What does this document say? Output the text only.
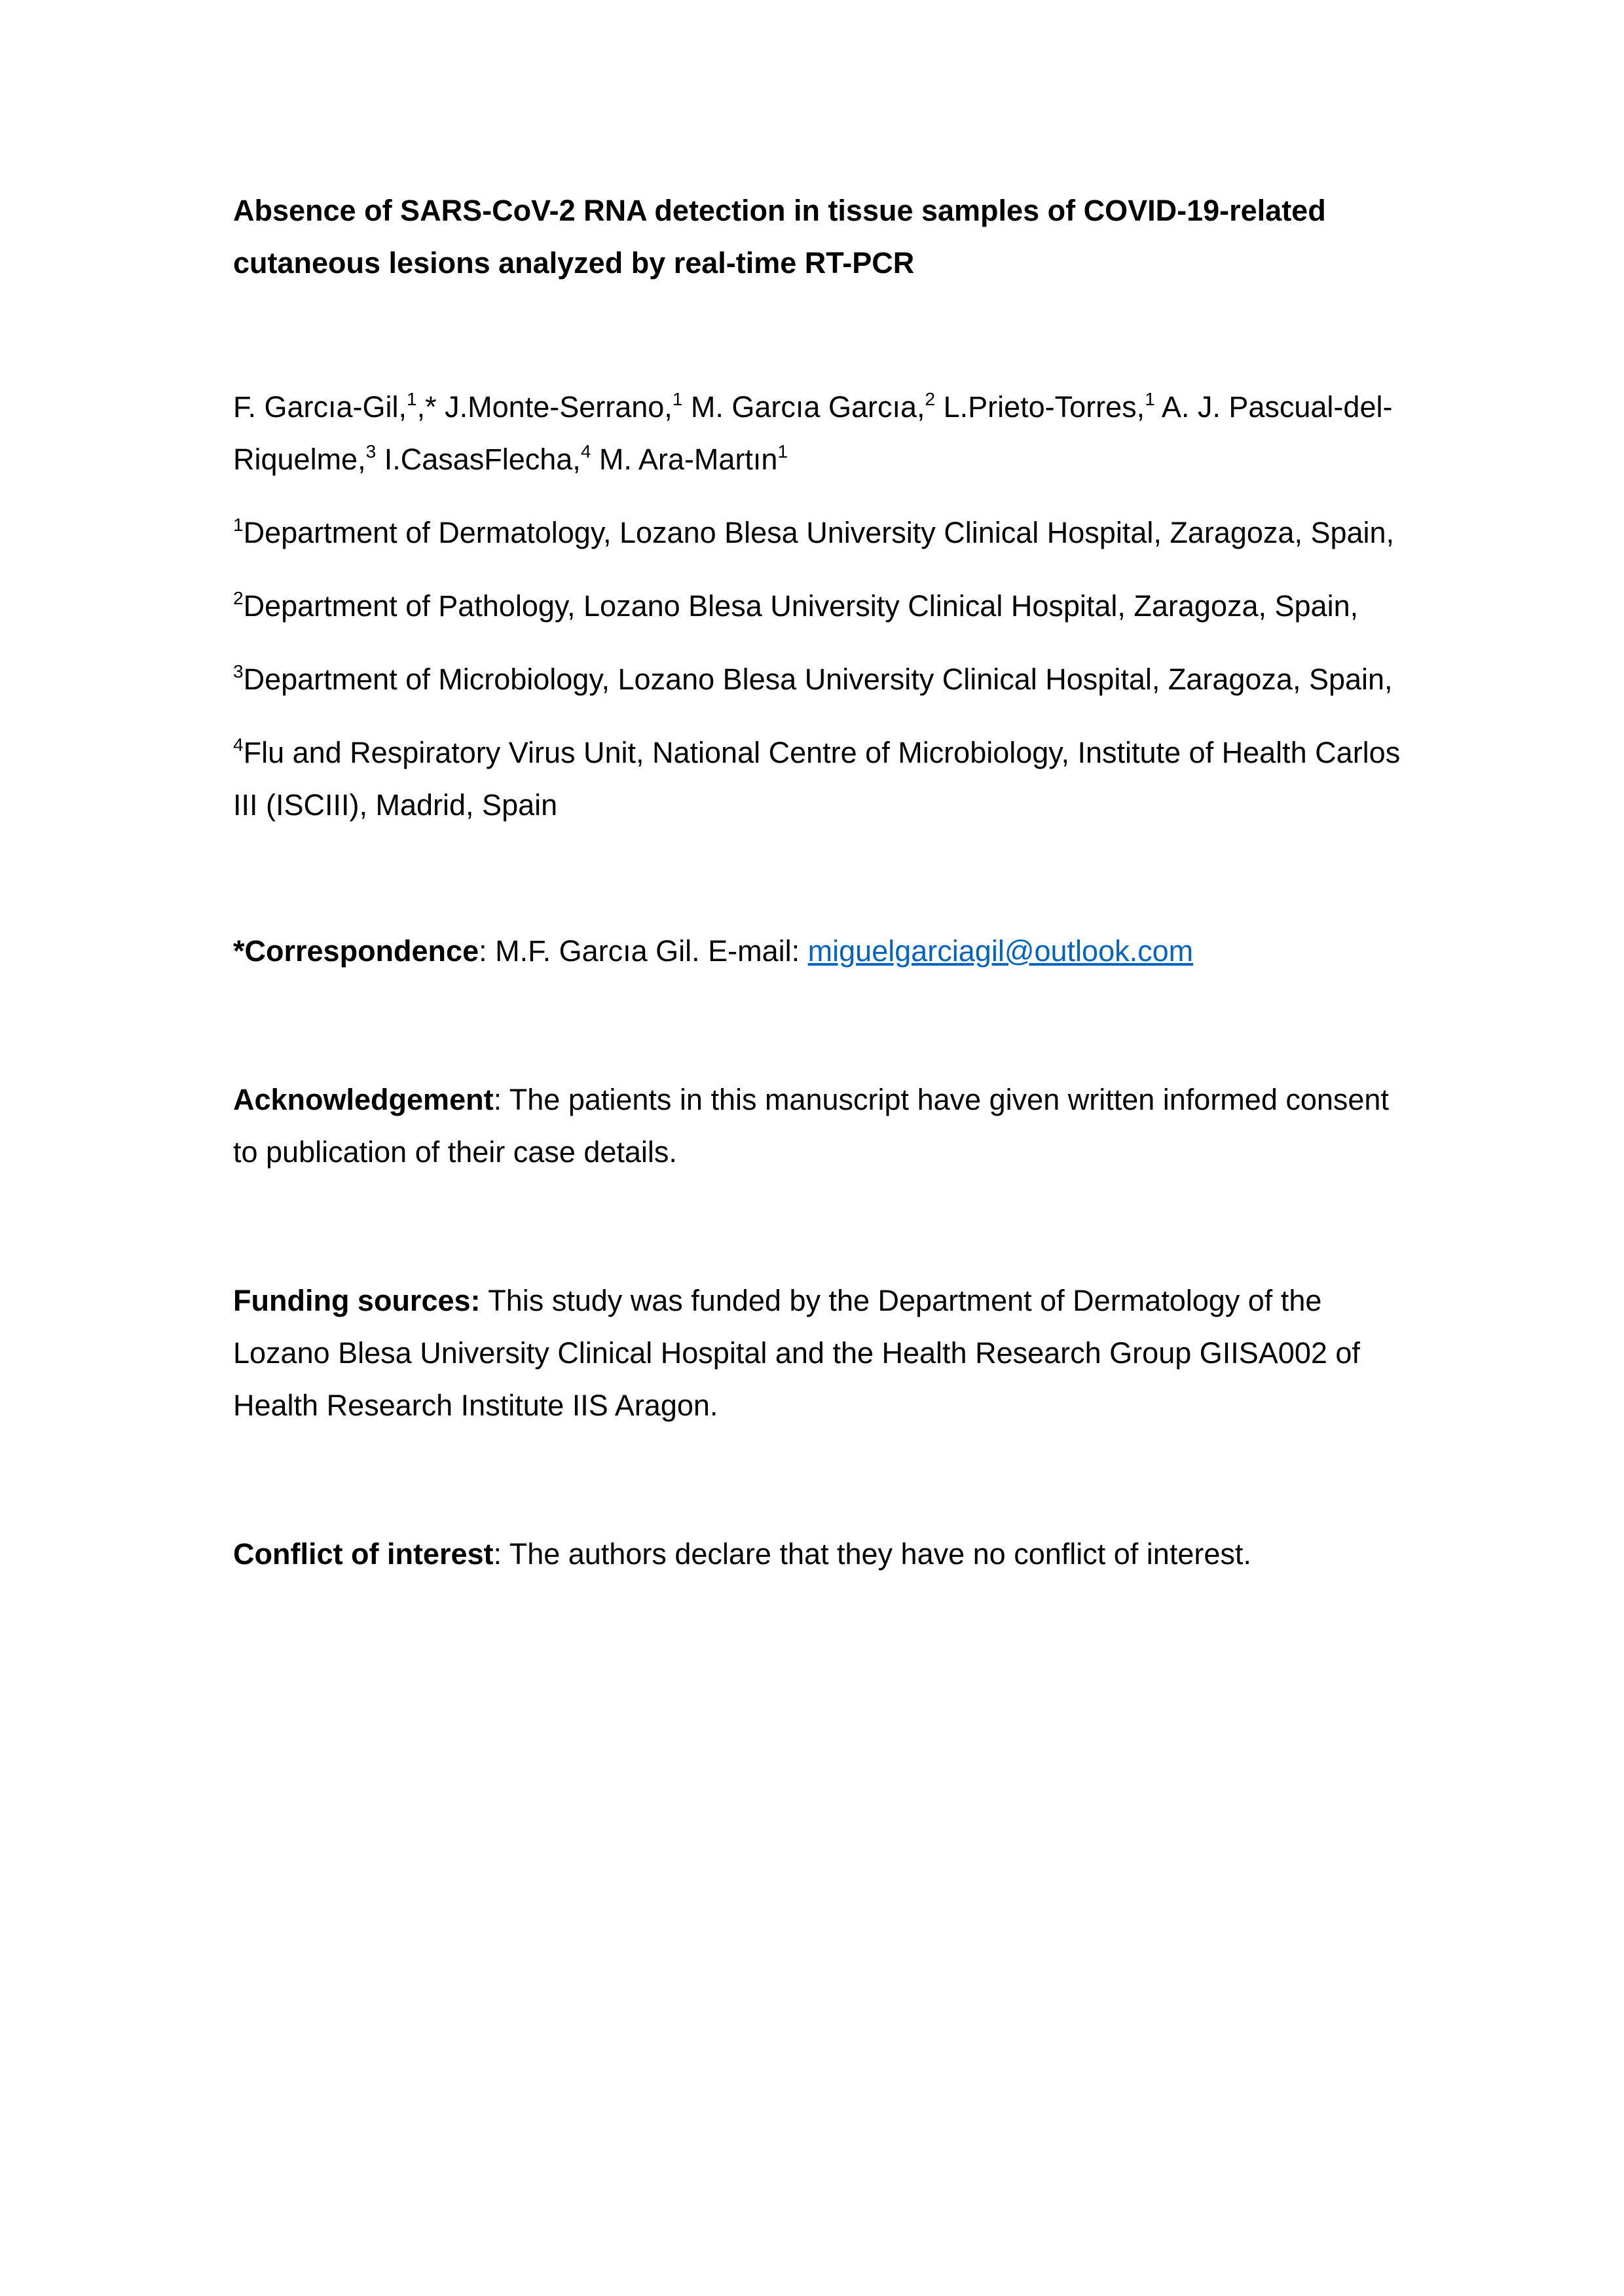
Absence of SARS-CoV-2 RNA detection in tissue samples of COVID-19-related cutaneous lesions analyzed by real-time RT-PCR

F. Garcıa-Gil,$^1$,* J.Monte-Serrano,$^1$ M. Garcıa Garcıa,$^2$ L.Prieto-Torres,$^1$ A. J. Pascual-del-Riquelme,$^3$ I.CasasFlecha,$^4$ M. Ara-Martın$^1$

$^1$Department of Dermatology, Lozano Blesa University Clinical Hospital, Zaragoza, Spain,

$^2$Department of Pathology, Lozano Blesa University Clinical Hospital, Zaragoza, Spain,

$^3$Department of Microbiology, Lozano Blesa University Clinical Hospital, Zaragoza, Spain,

$^4$Flu and Respiratory Virus Unit, National Centre of Microbiology, Institute of Health Carlos III (ISCIII), Madrid, Spain

*Correspondence: M.F. Garcıa Gil. E-mail: miguelgarciagil@outlook.com

Acknowledgement: The patients in this manuscript have given written informed consent to publication of their case details.

Funding sources: This study was funded by the Department of Dermatology of the Lozano Blesa University Clinical Hospital and the Health Research Group GIISA002 of Health Research Institute IIS Aragon.

Conflict of interest: The authors declare that they have no conflict of interest.
